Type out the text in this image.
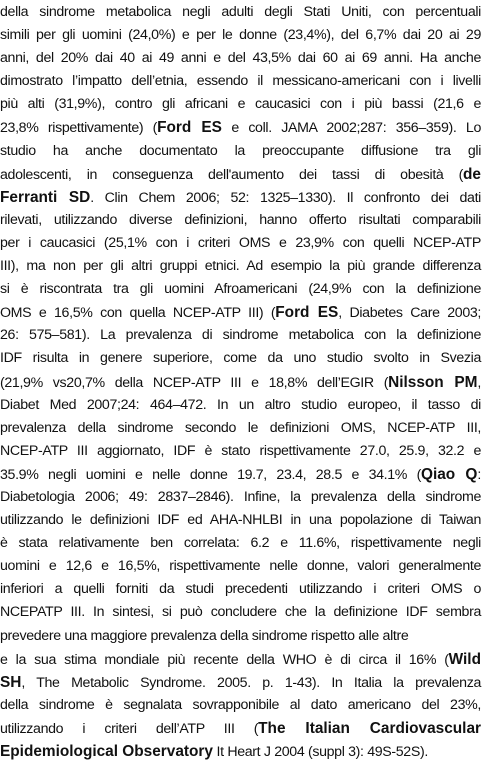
della sindrome metabolica negli adulti degli Stati Uniti, con percentuali
simili per gli uomini (24,0%) e per le donne (23,4%), del 6,7% dai 20 ai 29
anni, del 20% dai 40 ai 49 anni e del 43,5% dai 60 ai 69 anni. Ha anche
dimostrato l’impatto dell’etnia, essendo il messicano-americani con i livelli
più alti (31,9%), contro gli africani e caucasici con i più bassi (21,6 e
23,8% rispettivamente) (Ford ES e coll. JAMA 2002;287: 356–359). Lo
studio ha anche documentato la preoccupante diffusione tra gli
adolescenti, in conseguenza dell'aumento dei tassi di obesità (de
Ferranti SD. Clin Chem 2006; 52: 1325–1330). Il confronto dei dati
rilevati, utilizzando diverse definizioni, hanno offerto risultati comparabili
per i caucasici (25,1% con i criteri OMS e 23,9% con quelli NCEP-ATP
III), ma non per gli altri gruppi etnici. Ad esempio la più grande differenza
si è riscontrata tra gli uomini Afroamericani (24,9% con la definizione
OMS e 16,5% con quella NCEP-ATP III) (Ford ES, Diabetes Care 2003;
26: 575–581). La prevalenza di sindrome metabolica con la definizione
IDF risulta in genere superiore, come da uno studio svolto in Svezia
(21,9% vs20,7% della NCEP-ATP III e 18,8% dell’EGIR (Nilsson PM,
Diabet Med 2007;24: 464–472. In un altro studio europeo, il tasso di
prevalenza della sindrome secondo le definizioni OMS, NCEP-ATP III,
NCEP-ATP III aggiornato, IDF è stato rispettivamente 27.0, 25.9, 32.2 e
35.9% negli uomini e nelle donne 19.7, 23.4, 28.5 e 34.1% (Qiao Q:
Diabetologia 2006; 49: 2837–2846). Infine, la prevalenza della sindrome
utilizzando le definizioni IDF ed AHA-NHLBI in una popolazione di Taiwan
è stata relativamente ben correlata: 6.2 e 11.6%, rispettivamente negli
uomini e 12,6 e 16,5%, rispettivamente nelle donne, valori generalmente
inferiori a quelli forniti da studi precedenti utilizzando i criteri OMS o
NCEPATP III. In sintesi, si può concludere che la definizione IDF sembra
prevedere una maggiore prevalenza della sindrome rispetto alle altre
e la sua stima mondiale più recente della WHO è di circa il 16% (Wild
SH, The Metabolic Syndrome. 2005. p. 1-43). In Italia la prevalenza
della sindrome è segnalata sovrapponibile al dato americano del 23%,
utilizzando i criteri dell’ATP III (The Italian Cardiovascular
Epidemiological Observatory It Heart J 2004 (suppl 3): 49S-52S).
